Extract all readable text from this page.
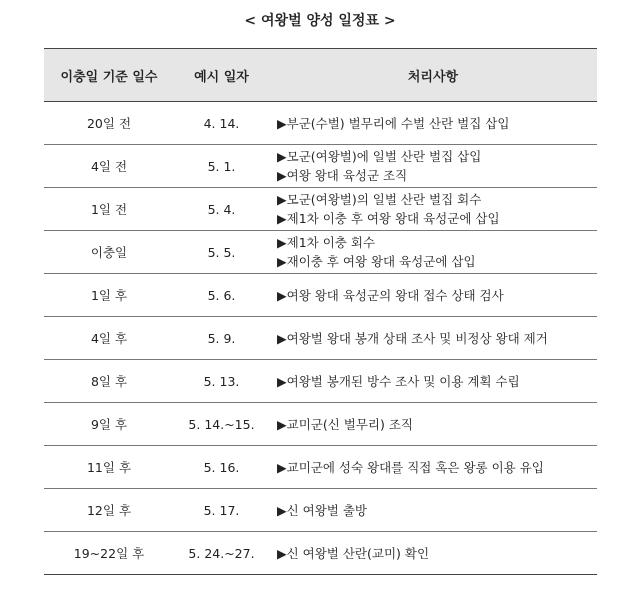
< 여왕벌 양성 일정표 >
이충일 기준 일수	예시 일자	처리사항
20일 전	4. 14.	▶부군(수벌) 벌무리에 수벌 산란 벌집 삽입

4일 전	5. 1.	▶모군(여왕벌)에 일벌 산란 벌집 삽입
▶여왕 왕대 육성군 조직

1일 전	5. 4.	▶모군(여왕벌)의 일벌 산란 벌집 회수
▶제1차 이충 후 여왕 왕대 육성군에 삽입

이충일	5. 5.	▶제1차 이충 회수
▶재이충 후 여왕 왕대 육성군에 삽입

1일 후	5. 6.	▶여왕 왕대 육성군의 왕대 접수 상태 검사

4일 후	5. 9.	▶여왕벌 왕대 봉개 상태 조사 및 비정상 왕대 제거

8일 후	5. 13.	▶여왕벌 봉개된 방수 조사 및 이용 계획 수립

9일 후	5. 14.~15.	▶교미군(신 벌무리) 조직

11일 후	5. 16.	▶교미군에 성숙 왕대를 직접 혹은 왕롱 이용 유입

12일 후	5. 17.	▶신 여왕벌 출방

19~22일 후	5. 24.~27.	▶신 여왕벌 산란(교미) 확인
